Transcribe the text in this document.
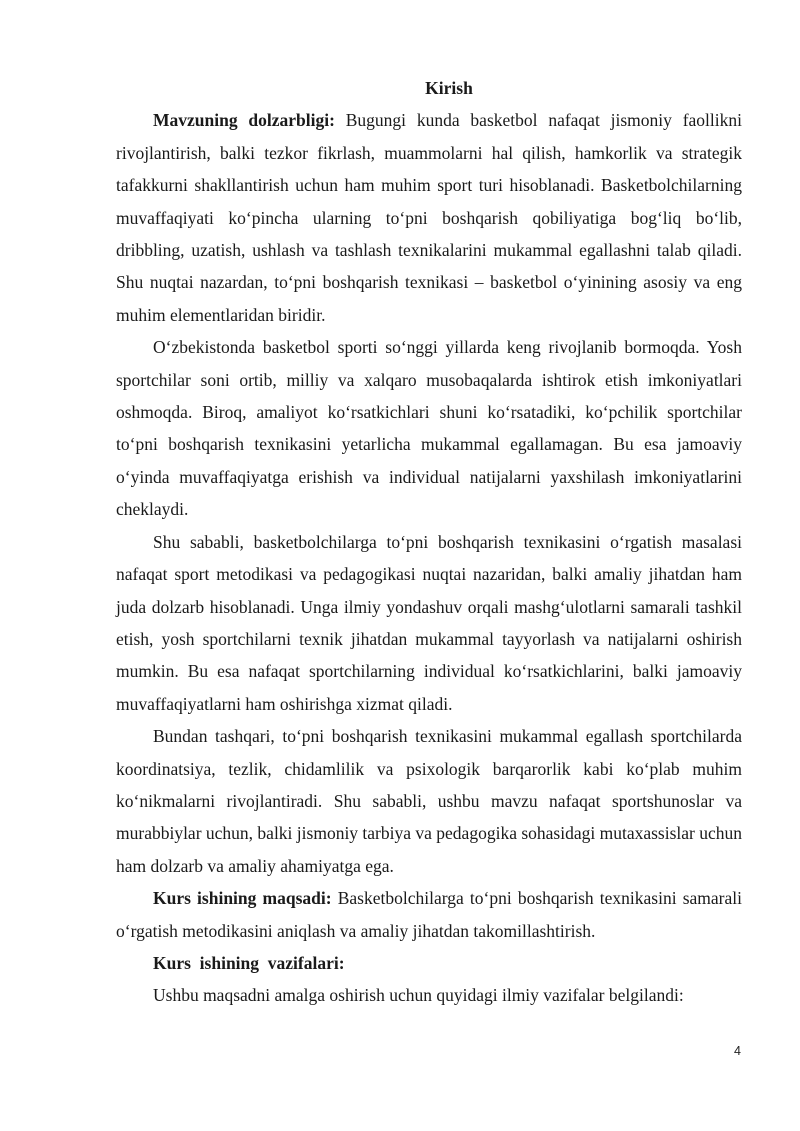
Kirish

Mavzuning dolzarbligi: Bugungi kunda basketbol nafaqat jismoniy faollikni rivojlantirish, balki tezkor fikrlash, muammolarni hal qilish, hamkorlik va strategik tafakkurni shakllantirish uchun ham muhim sport turi hisoblanadi. Basketbolchilarning muvaffaqiyati koʻpincha ularning toʻpni boshqarish qobiliyatiga bogʻliq boʻlib, dribbling, uzatish, ushlash va tashlash texnikalarini mukammal egallashni talab qiladi. Shu nuqtai nazardan, toʻpni boshqarish texnikasi – basketbol oʻyinining asosiy va eng muhim elementlaridan biridir.

Oʻzbekistonda basketbol sporti soʻnggi yillarda keng rivojlanib bormoqda. Yosh sportchilar soni ortib, milliy va xalqaro musobaqalarda ishtirok etish imkoniyatlari oshmoqda. Biroq, amaliyot koʻrsatkichlari shuni koʻrsatadiki, koʻpchilik sportchilar toʻpni boshqarish texnikasini yetarlicha mukammal egallamagan. Bu esa jamoaviy oʻyinda muvaffaqiyatga erishish va individual natijalarni yaxshilash imkoniyatlarini cheklaydi.

Shu sababli, basketbolchilarga toʻpni boshqarish texnikasini oʻrgatish masalasi nafaqat sport metodikasi va pedagogikasi nuqtai nazaridan, balki amaliy jihatdan ham juda dolzarb hisoblanadi. Unga ilmiy yondashuv orqali mashgʻulotlarni samarali tashkil etish, yosh sportchilarni texnik jihatdan mukammal tayyorlash va natijalarni oshirish mumkin. Bu esa nafaqat sportchilarning individual koʻrsatkichlarini, balki jamoaviy muvaffaqiyatlarni ham oshirishga xizmat qiladi.

Bundan tashqari, toʻpni boshqarish texnikasini mukammal egallash sportchilarda koordinatsiya, tezlik, chidamlilik va psixologik barqarorlik kabi koʻplab muhim koʻnikmalarni rivojlantiradi. Shu sababli, ushbu mavzu nafaqat sportshunoslar va murabbiylar uchun, balki jismoniy tarbiya va pedagogika sohasidagi mutaxassislar uchun ham dolzarb va amaliy ahamiyatga ega.

Kurs ishining maqsadi: Basketbolchilarga toʻpni boshqarish texnikasini samarali oʻrgatish metodikasini aniqlash va amaliy jihatdan takomillashtirish.

Kurs  ishining  vazifalari:

Ushbu maqsadni amalga oshirish uchun quyidagi ilmiy vazifalar belgilandi:

4
